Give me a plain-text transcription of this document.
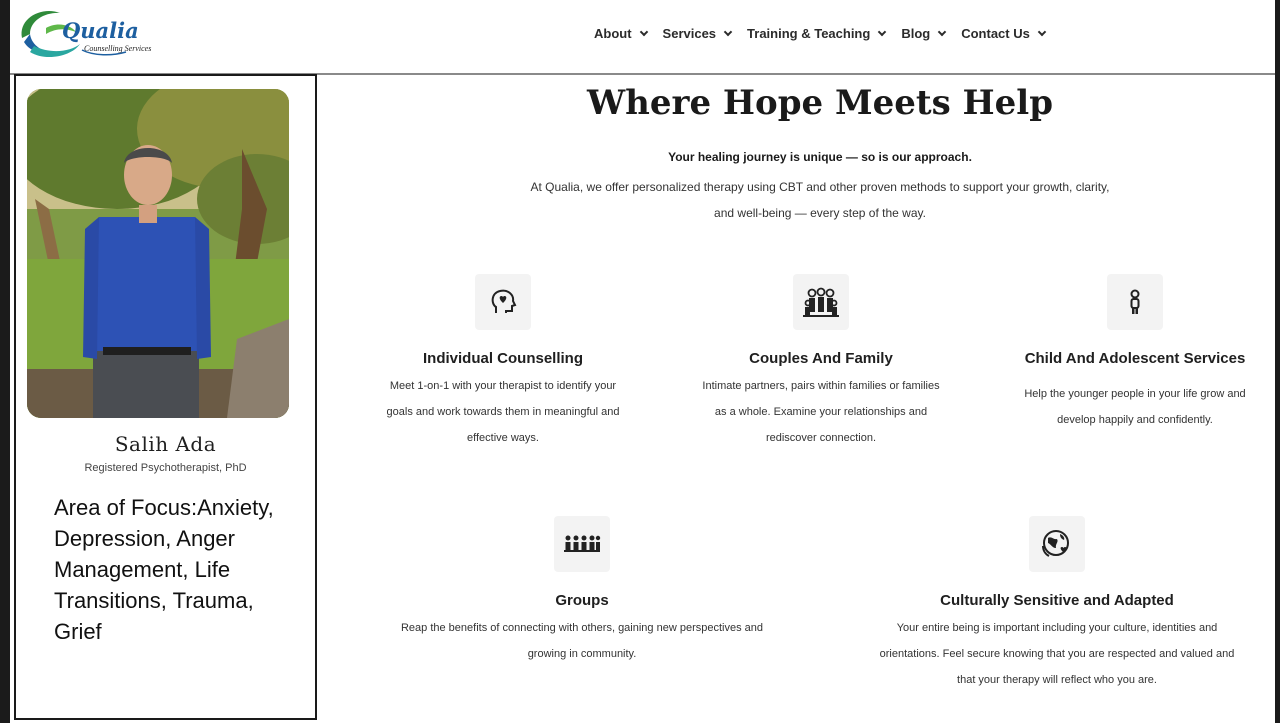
Qualia
Counselling Services
About Services Training & Teaching Blog Contact Us
Salih Ada
Registered Psychotherapist, PhD
Area of Focus:Anxiety, Depression, Anger Management, Life Transitions, Trauma, Grief
Where Hope Meets Help
Your healing journey is unique — so is our approach.
At Qualia, we offer personalized therapy using CBT and other proven methods to support your growth, clarity,
and well-being — every step of the way.
Individual Counselling
Meet 1-on-1 with your therapist to identify your
goals and work towards them in meaningful and
effective ways.
Couples And Family
Intimate partners, pairs within families or families
as a whole. Examine your relationships and
rediscover connection.
Child And Adolescent Services
Help the younger people in your life grow and
develop happily and confidently.
Groups
Reap the benefits of connecting with others, gaining new perspectives and
growing in community.
Culturally Sensitive and Adapted
Your entire being is important including your culture, identities and
orientations. Feel secure knowing that you are respected and valued and
that your therapy will reflect who you are.
